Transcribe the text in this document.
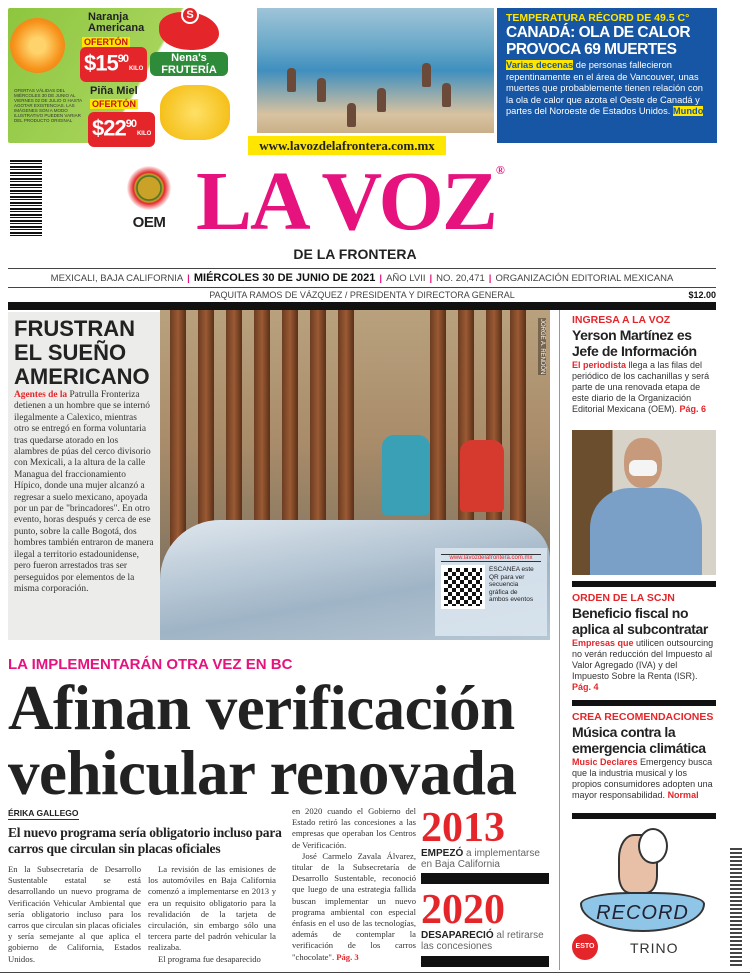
Naranja Americana
OFERTÓN
$\$15^{90}KILO$
S
Nena's
FRUTERÍA
OFERTAS VÁLIDAS DEL MIÉRCOLES 30 DE JUNIO AL VIERNES 02 DE JULIO O HASTA AGOTAR EXISTENCIAS. LAS IMÁGENES SON A MODO ILUSTRATIVO PUEDEN VARIAR DEL PRODUCTO ORIGINAL
Piña Miel
OFERTÓN
$\$22^{90}KILO$
www.lavozdelafrontera.com.mx
TEMPERATURA RÉCORD DE 49.5 C°
CANADÁ: OLA DE CALOR PROVOCA 69 MUERTES
Varias decenas de personas fallecieron repentinamente en el área de Vancouver, unas muertes que probablemente tienen relación con la ola de calor que azota el Oeste de Canadá y partes del Noroeste de Estados Unidos. Mundo
OEM LA VOZ®
DE LA FRONTERA
MEXICALI, BAJA CALIFORNIA | MIÉRCOLES 30 DE JUNIO DE 2021 | AÑO LVII | NO. 20,471 | ORGANIZACIÓN EDITORIAL MEXICANA
PAQUITA RAMOS DE VÁZQUEZ / PRESIDENTA Y DIRECTORA GENERAL	$12.00
FRUSTRAN EL SUEÑO AMERICANO

Agentes de la Patrulla Fronteriza detienen a un hombre que se internó ilegalmente a Calexico, mientras otro se entregó en forma voluntaria tras quedarse atorado en los alambres de púas del cerco divisorio con Mexicali, a la altura de la calle Managua del fraccionamiento Hípico, donde una mujer alcanzó a regresar a suelo mexicano, apoyada por un par de "brincadores". En otro evento, horas después y cerca de ese punto, sobre la calle Bogotá, dos hombres también entraron de manera ilegal a territorio estadounidense, pero fueron arrestados tras ser perseguidos por elementos de la misma corporación.

JORGE A. RENDÓN
www.lavozdelafrontera.com.mx
ESCANEA este QR para ver secuencia gráfica de ambos eventos
INGRESA A LA VOZ
Yerson Martínez es Jefe de Información
El periodista llega a las filas del periódico de los cachanillas y será parte de una renovada etapa de este diario de la Organización Editorial Mexicana (OEM). Pág. 6
ORDEN DE LA SCJN
Beneficio fiscal no aplica al subcontratar
Empresas que utilicen outsourcing no verán reducción del Impuesto al Valor Agregado (IVA) y del Impuesto Sobre la Renta (ISR). Pág. 4
CREA RECOMENDACIONES
Música contra la emergencia climática
Music Declares Emergency busca que la industria musical y los propios consumidores adopten una mayor responsabilidad. Normal
RECORD
TRINO
ESTO
LA IMPLEMENTARÁN OTRA VEZ EN BC
Afinan verificación
vehicular renovada
ÉRIKA GALLEGO
El nuevo programa sería obligatorio incluso para carros que circulan sin placas oficiales
En la Subsecretaría de Desarrollo Sustentable estatal se está desarrollando un nuevo programa de Verificación Vehicular Ambiental que sería obligatorio incluso para los carros que circulan sin placas oficiales y sería semejante al que aplica el gobierno de California, Estados Unidos.
La revisión de las emisiones de los automóviles en Baja California comenzó a implementarse en 2013 y era un requisito obligatorio para la revalidación de la tarjeta de circulación, sin embargo sólo una tercera parte del padrón vehicular la realizaba.
El programa fue desaparecido
en 2020 cuando el Gobierno del Estado retiró las concesiones a las empresas que operaban los Centros de Verificación.
José Carmelo Zavala Álvarez, titular de la Subsecretaría de Desarrollo Sustentable, reconoció que luego de una estrategia fallida buscan implementar un nuevo programa ambiental con especial énfasis en el uso de las tecnologías, además de contemplar la verificación de los carros "chocolate". Pág. 3
2013
EMPEZÓ a implementarse en Baja California
2020
DESAPARECIÓ al retirarse las concesiones
